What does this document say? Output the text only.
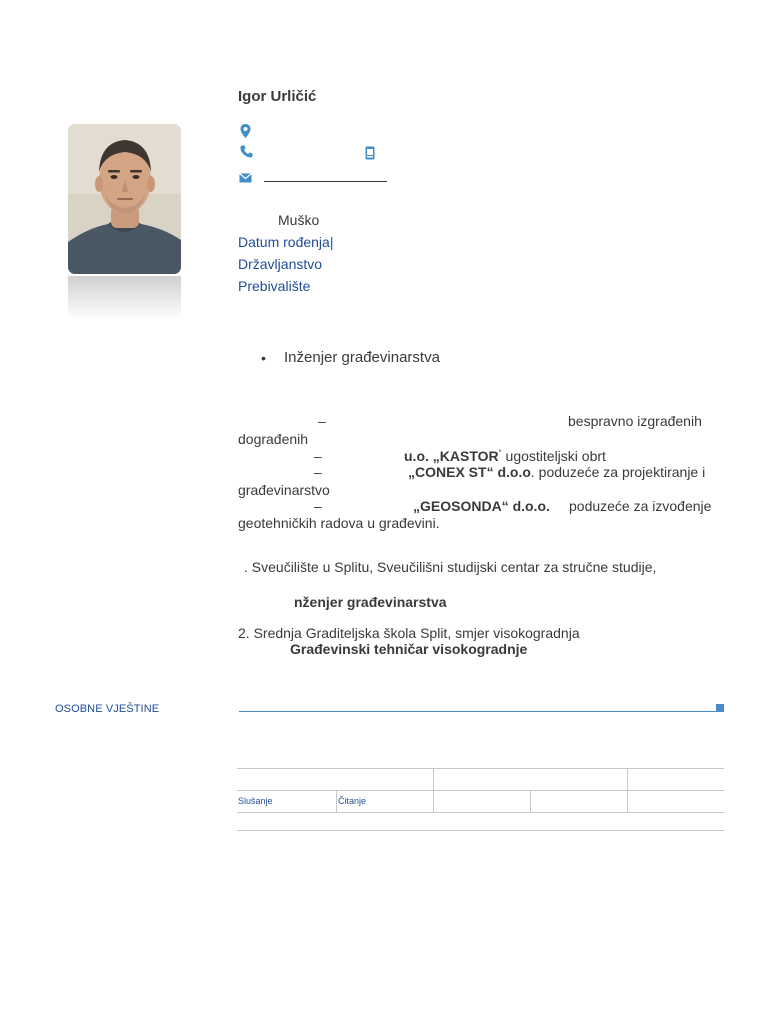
Igor Urličić
Muško
Datum rođenja|
Državljanstvo
Prebivalište
• Inženjer građevinarstva
–	bespravno izgrađenih
dograđenih
–	u.o. „KASTOR“ ugostiteljski obrt
–	„CONEX ST“ d.o.o. poduzeće za projektiranje i
građevinarstvo
–	„GEOSONDA“ d.o.o. poduzeće za izvođenje
geotehničkih radova u građevini.
. Sveučilište u Splitu, Sveučilišni studijski centar za stručne studije,
nženjer građevinarstva
2. Srednja Graditeljska škola Split, smjer visokogradnja
Građevinski tehničar visokogradnje
OSOBNE VJEŠTINE
Slušanje	Čitanje
